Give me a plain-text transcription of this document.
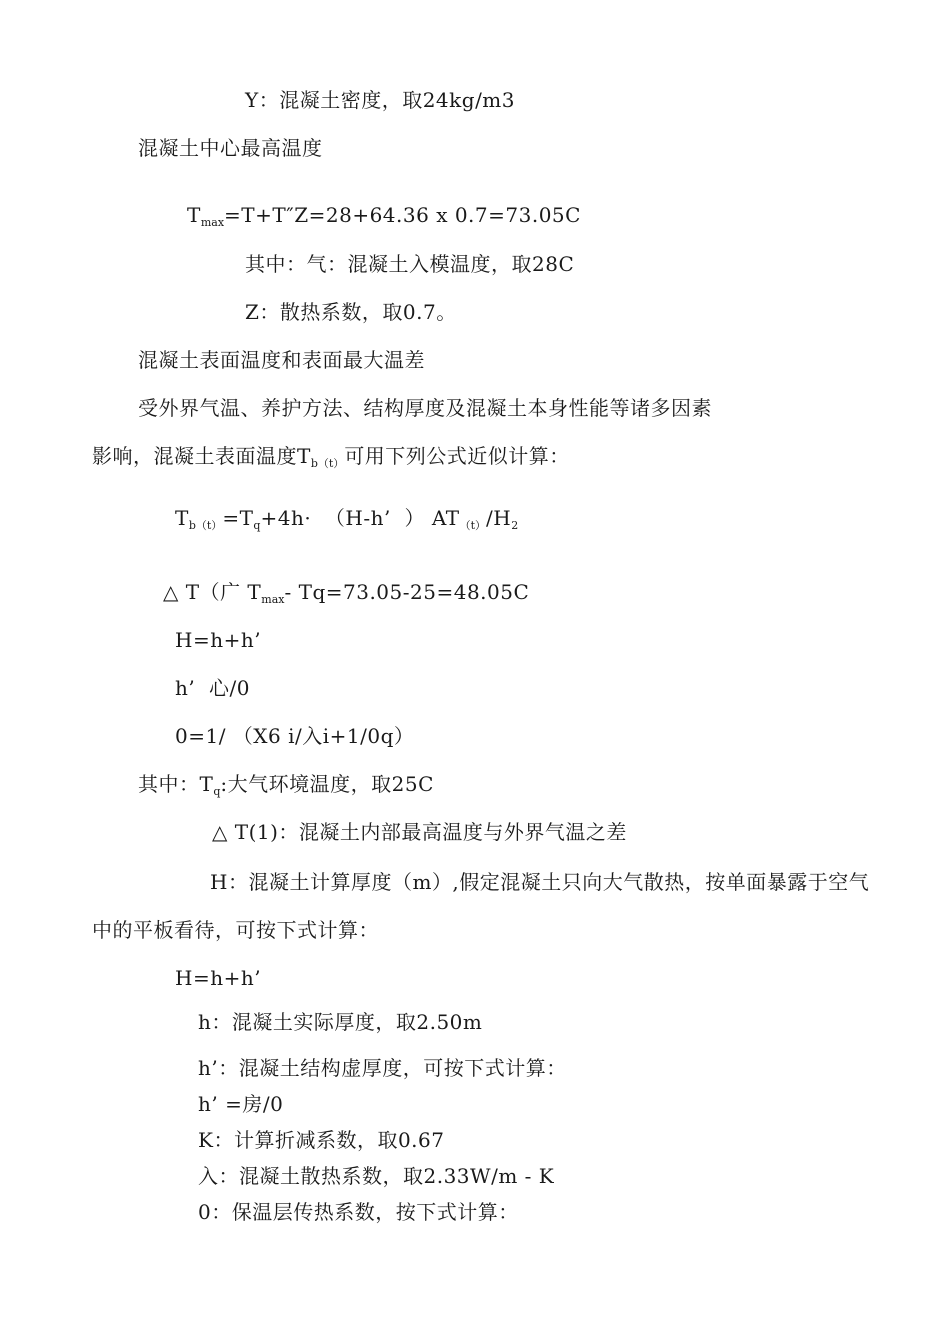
Y：混凝土密度，取24kg/m3
混凝土中心最高温度
$T_{max}=T+T''Z=28+64.36$ x 0.7=73.05C
其中：气：混凝土入模温度，取28C
Z：散热系数，取0.7。
混凝土表面温度和表面最大温差
受外界气温、养护方法、结构厚度及混凝土本身性能等诸多因素
影响，混凝土表面温度$T_{b(t)}$可用下列公式近似计算：
$T_{b(t)}=T_q+4h\cdot (H-h$’  ） $AT_{(t)}/H_2$
△ T（广 $T_{max}-$ Tq=73.05-25=48.05C
H=h+h’
h’  心/0
0=1/ （X6 i/入i+1/0q）
其中：$T_q$:大气环境温度，取25C
△ T(1)：混凝土内部最高温度与外界气温之差
H：混凝土计算厚度（m）,假定混凝土只向大气散热，按单面暴露于空气
中的平板看待，可按下式计算：
H=h+h’
h：混凝土实际厚度，取2.50m
h’：混凝土结构虚厚度，可按下式计算：
h’ =房/0
K：计算折减系数，取0.67
入：混凝土散热系数，取2.33W/m - K
0：保温层传热系数，按下式计算：
